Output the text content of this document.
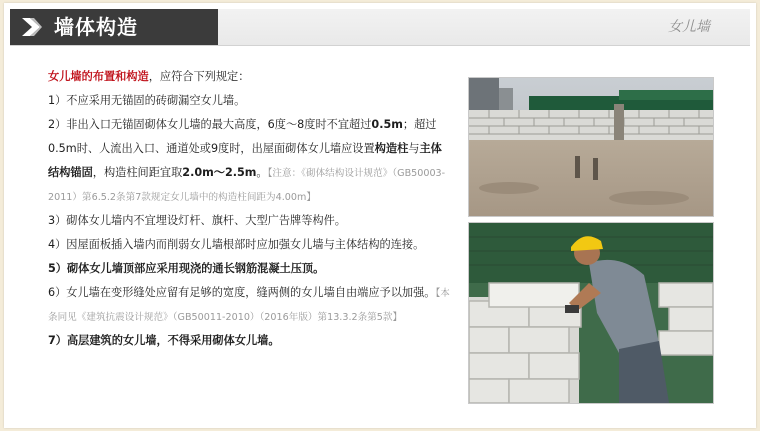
墙体构造	女儿墙

女儿墙的布置和构造，应符合下列规定：

1）不应采用无锚固的砖砌漏空女儿墙。

2）非出入口无锚固砌体女儿墙的最大高度，6度～8度时不宜超过0.5m；超过0.5m时、人流出入口、通道处或9度时，出屋面砌体女儿墙应设置构造柱与主体结构锚固，构造柱间距宜取2.0m～2.5m。【注意：《砌体结构设计规范》（GB50003-2011）第6.5.2条第7款规定女儿墙中的构造柱间距为4.00m】

3）砌体女儿墙内不宜埋设灯杆、旗杆、大型广告牌等构件。

4）因屋面板插入墙内而削弱女儿墙根部时应加强女儿墙与主体结构的连接。

5）砌体女儿墙顶部应采用现浇的通长钢筋混凝土压顶。

6）女儿墙在变形缝处应留有足够的宽度，缝两侧的女儿墙自由端应予以加强。【本条同见《建筑抗震设计规范》（GB50011-2010）（2016年版）第13.3.2条第5款】

7）高层建筑的女儿墙，不得采用砌体女儿墙。
